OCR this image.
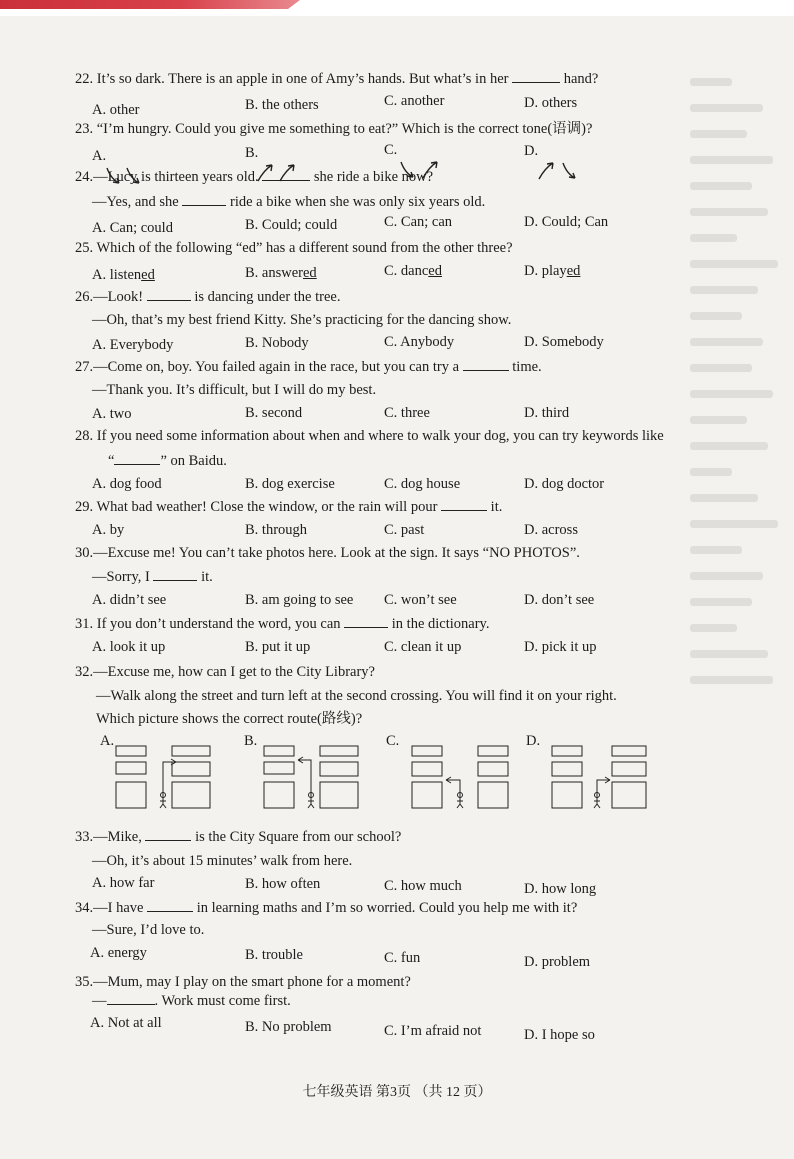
22. It’s so dark. There is an apple in one of Amy’s hands. But what’s in her	hand?
A. other	B. the others	C. another	D. others
23. “I’m hungry. Could you give me something to eat?” Which is the correct tone(语调)?
A.
	B.
	C.
	D.

24.—Lucy is thirteen years old.	she ride a bike now?
—Yes, and she	ride a bike when she was only six years old.
A. Can; could	B. Could; could	C. Can; can	D. Could; Can
25. Which of the following “ed” has a different sound from the other three?
A. listened	B. answered	C. danced	D. played
26.—Look!	is dancing under the tree.
—Oh, that’s my best friend Kitty. She’s practicing for the dancing show.
A. Everybody	B. Nobody	C. Anybody	D. Somebody
27.—Come on, boy. You failed again in the race, but you can try a	time.
—Thank you. It’s difficult, but I will do my best.
A. two	B. second	C. three	D. third
28. If you need some information about when and where to walk your dog, you can try keywords like
“	” on Baidu.
A. dog food	B. dog exercise	C. dog house	D. dog doctor
29. What bad weather! Close the window, or the rain will pour	it.
A. by	B. through	C. past	D. across
30.—Excuse me! You can’t take photos here. Look at the sign. It says “NO PHOTOS”.
—Sorry, I	it.
A. didn’t see	B. am going to see C. won’t see	D. don’t see
31. If you don’t understand the word, you can	in the dictionary.
A. look it up	B. put it up	C. clean it up	D. pick it up
32.—Excuse me, how can I get to the City Library?
—Walk along the street and turn left at the second crossing. You will find it on your right.
Which picture shows the correct route(路线)?
A.	B.	C.	D.
33.—Mike,	is the City Square from our school?
—Oh, it’s about 15 minutes’ walk from here.
A. how far	B. how often	C. how much	D. how long
34.—I have	in learning maths and I’m so worried. Could you help me with it?
—Sure, I’d love to.
A. energy	B. trouble	C. fun	D. problem
35.—Mum, may I play on the smart phone for a moment?
—	. Work must come first.
A. Not at all	B. No problem	C. I’m afraid not	D. I hope so
七年级英语 第3页 （共 12 页）
